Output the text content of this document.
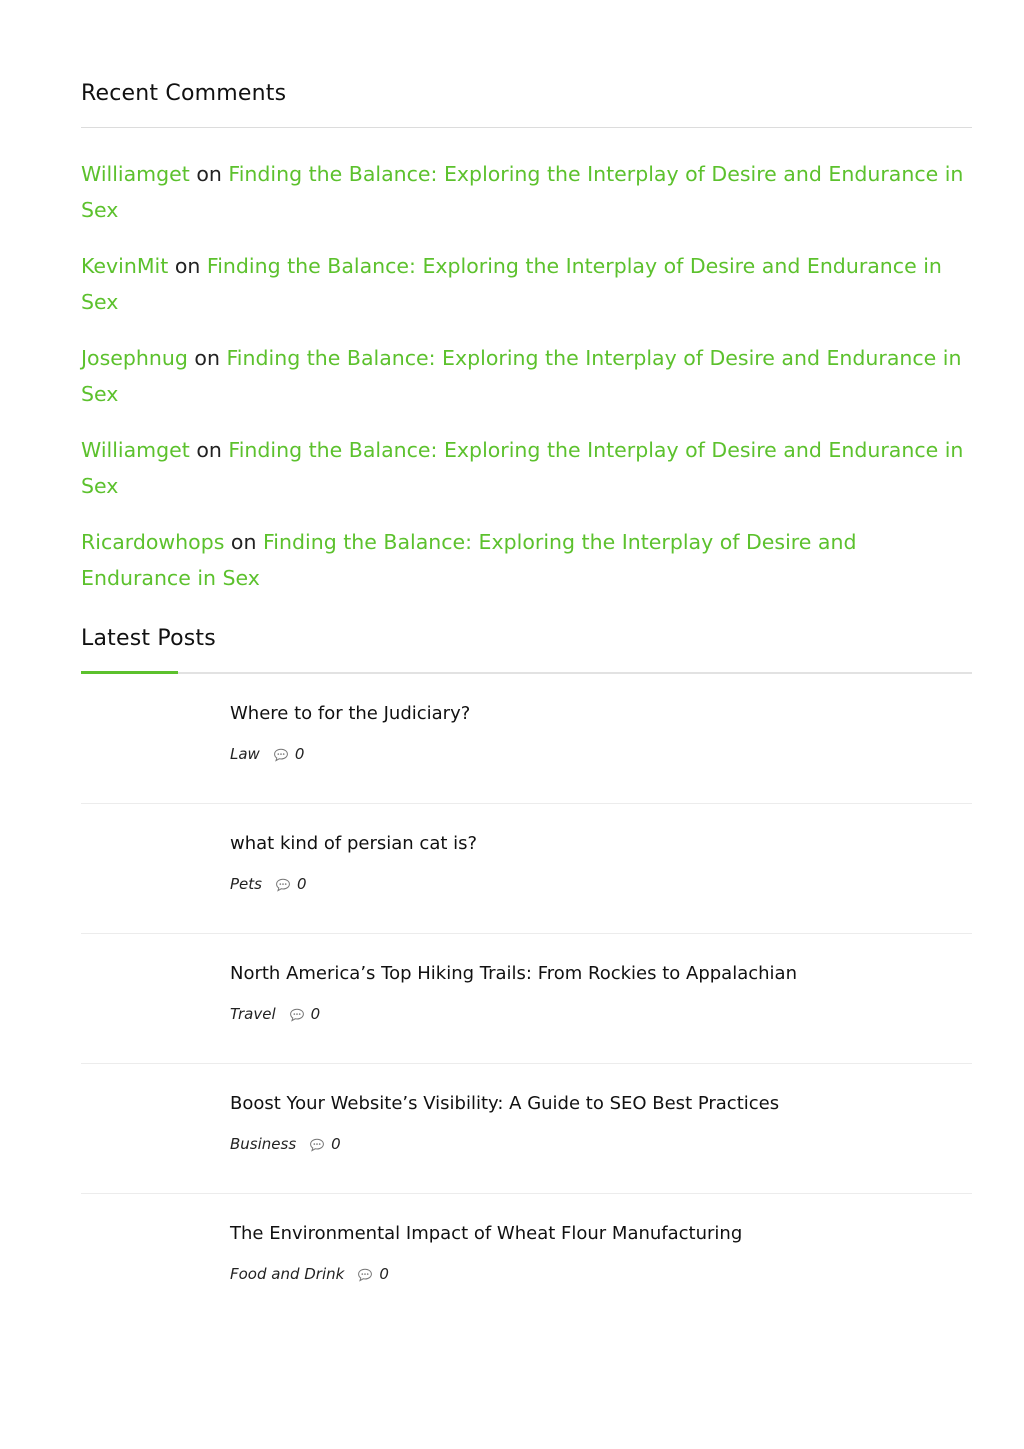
Recent Comments
Williamget on Finding the Balance: Exploring the Interplay of Desire and Endurance in Sex
KevinMit on Finding the Balance: Exploring the Interplay of Desire and Endurance in Sex
Josephnug on Finding the Balance: Exploring the Interplay of Desire and Endurance in Sex
Williamget on Finding the Balance: Exploring the Interplay of Desire and Endurance in Sex
Ricardowhops on Finding the Balance: Exploring the Interplay of Desire and Endurance in Sex
Latest Posts
Where to for the Judiciary?
Law 0
what kind of persian cat is?
Pets 0
North America’s Top Hiking Trails: From Rockies to Appalachian
Travel 0
Boost Your Website’s Visibility: A Guide to SEO Best Practices
Business 0
The Environmental Impact of Wheat Flour Manufacturing
Food and Drink 0
